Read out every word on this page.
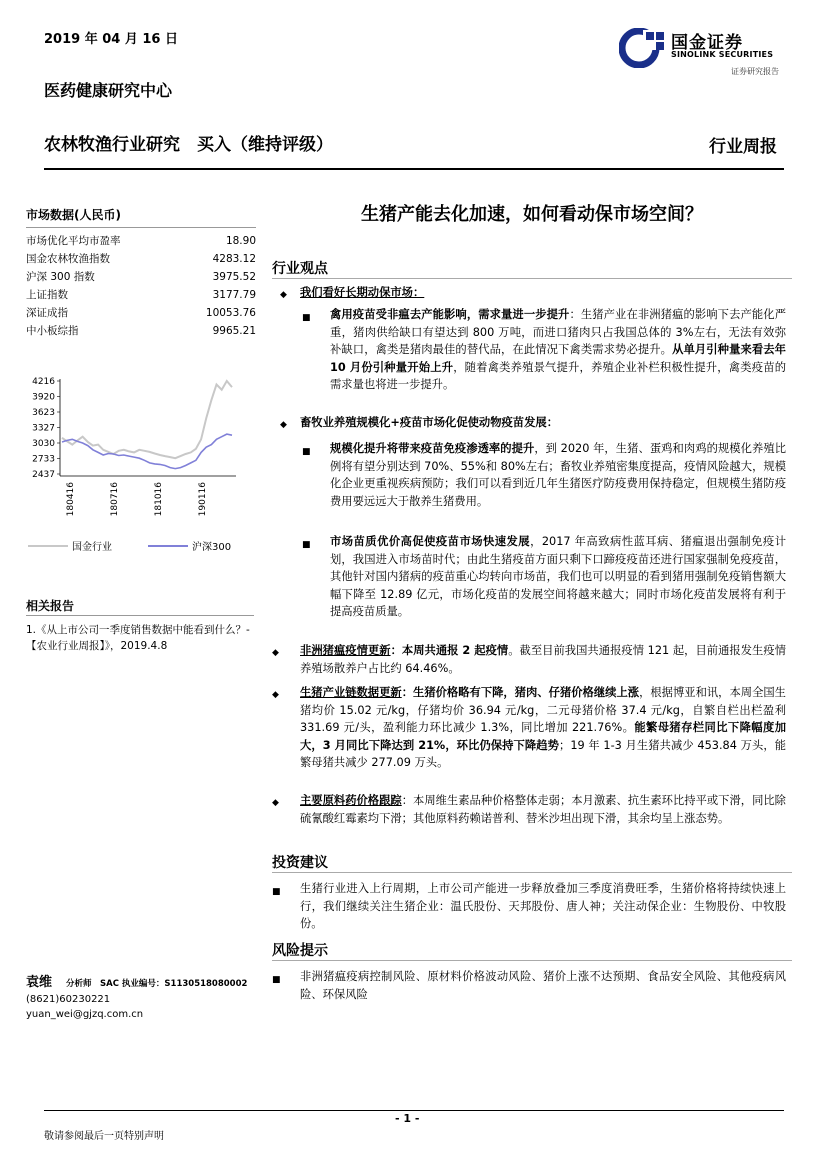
2019 年 04 月 16 日
医药健康研究中心
国金证券
SINOLINK SECURITIES
证券研究报告
农林牧渔行业研究　买入（维持评级）	行业周报
市场数据(人民币)
市场优化平均市盈率	18.90
国金农林牧渔指数	4283.12
沪深 300 指数	3975.52
上证指数	3177.79
深证成指	10053.76
中小板综指	9965.21
4216
3920
3623
3327
3030
2733
2437
180416	180716	181016	190116
国金行业	沪深300
相关报告
1.《从上市公司一季度销售数据中能看到什么？-【农业行业周报】》，2019.4.8
袁维 分析师　SAC 执业编号：S1130518080002
(8621)60230221
yuan_wei@gjzq.com.cn
生猪产能去化加速，如何看动保市场空间？
行业观点
◆ 我们看好长期动保市场：
■ 禽用疫苗受非瘟去产能影响，需求量进一步提升：生猪产业在非洲猪瘟的影响下去产能化严重，猪肉供给缺口有望达到 800 万吨，而进口猪肉只占我国总体的 3%左右，无法有效弥补缺口，禽类是猪肉最佳的替代品，在此情况下禽类需求势必提升。从单月引种量来看去年 10 月份引种量开始上升，随着禽类养殖景气提升，养殖企业补栏积极性提升，禽类疫苗的需求量也将进一步提升。
◆ 畜牧业养殖规模化+疫苗市场化促使动物疫苗发展：
■ 规模化提升将带来疫苗免疫渗透率的提升，到 2020 年，生猪、蛋鸡和肉鸡的规模化养殖比例将有望分别达到 70%、55%和 80%左右；畜牧业养殖密集度提高，疫情风险越大，规模化企业更重视疾病预防；我们可以看到近几年生猪医疗防疫费用保持稳定，但规模生猪防疫费用要远远大于散养生猪费用。
■ 市场苗质优价高促使疫苗市场快速发展，2017 年高致病性蓝耳病、猪瘟退出强制免疫计划，我国进入市场苗时代；由此生猪疫苗方面只剩下口蹄疫疫苗还进行国家强制免疫疫苗，其他针对国内猪病的疫苗重心均转向市场苗，我们也可以明显的看到猪用强制免疫销售额大幅下降至 12.89 亿元，市场化疫苗的发展空间将越来越大；同时市场化疫苗发展将有利于提高疫苗质量。
◆ 非洲猪瘟疫情更新：本周共通报 2 起疫情。截至目前我国共通报疫情 121 起，目前通报发生疫情养殖场散养户占比约 64.46%。
◆ 生猪产业链数据更新：生猪价格略有下降，猪肉、仔猪价格继续上涨，根据博亚和讯，本周全国生猪均价 15.02 元/kg，仔猪均价 36.94 元/kg，二元母猪价格 37.4 元/kg，自繁自栏出栏盈利 331.69 元/头，盈利能力环比减少 1.3%，同比增加 221.76%。能繁母猪存栏同比下降幅度加大，3 月同比下降达到 21%，环比仍保持下降趋势；19 年 1-3 月生猪共减少 453.84 万头，能繁母猪共减少 277.09 万头。
◆ 主要原料药价格跟踪：本周维生素品种价格整体走弱；本月激素、抗生素环比持平或下滑，同比除硫氰酸红霉素均下滑；其他原料药赖诺普利、替米沙坦出现下滑，其余均呈上涨态势。
投资建议
■ 生猪行业进入上行周期，上市公司产能进一步释放叠加三季度消费旺季，生猪价格将持续快速上行，我们继续关注生猪企业：温氏股份、天邦股份、唐人神；关注动保企业：生物股份、中牧股份。
风险提示
■ 非洲猪瘟疫病控制风险、原材料价格波动风险、猪价上涨不达预期、食品安全风险、其他疫病风险、环保风险
- 1 -
敬请参阅最后一页特别声明
